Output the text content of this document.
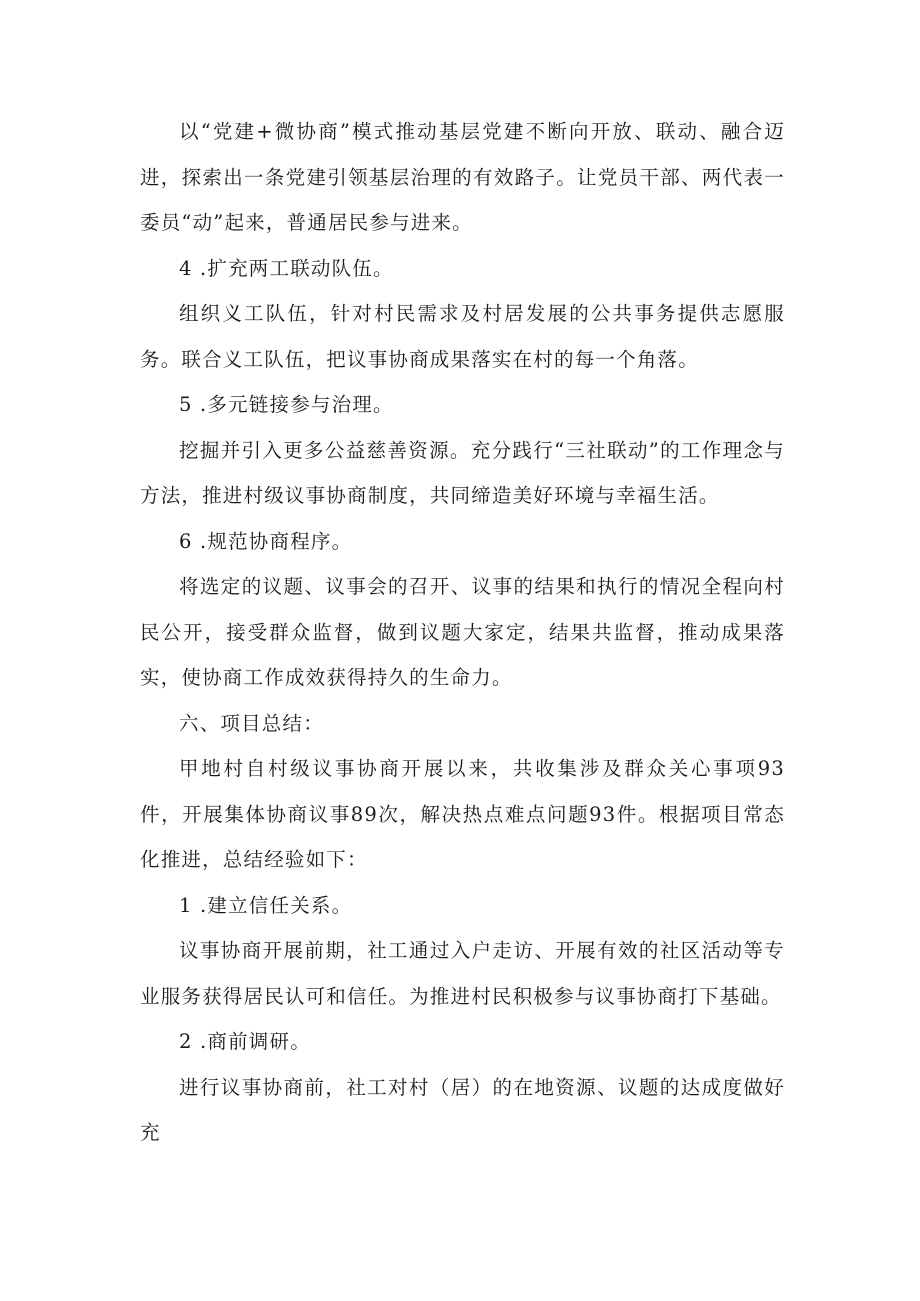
以“党建+微协商”模式推动基层党建不断向开放、联动、融合迈进，探索出一条党建引领基层治理的有效路子。让党员干部、两代表一委员“动”起来，普通居民参与进来。

4 .扩充两工联动队伍。

组织义工队伍，针对村民需求及村居发展的公共事务提供志愿服务。联合义工队伍，把议事协商成果落实在村的每一个角落。

5 .多元链接参与治理。

挖掘并引入更多公益慈善资源。充分践行“三社联动”的工作理念与方法，推进村级议事协商制度，共同缔造美好环境与幸福生活。

6 .规范协商程序。

将选定的议题、议事会的召开、议事的结果和执行的情况全程向村民公开，接受群众监督，做到议题大家定，结果共监督，推动成果落实，使协商工作成效获得持久的生命力。

六、项目总结：

甲地村自村级议事协商开展以来，共收集涉及群众关心事项93件，开展集体协商议事89次，解决热点难点问题93件。根据项目常态化推进，总结经验如下：

1 .建立信任关系。

议事协商开展前期，社工通过入户走访、开展有效的社区活动等专业服务获得居民认可和信任。为推进村民积极参与议事协商打下基础。

2 .商前调研。

进行议事协商前，社工对村（居）的在地资源、议题的达成度做好充
